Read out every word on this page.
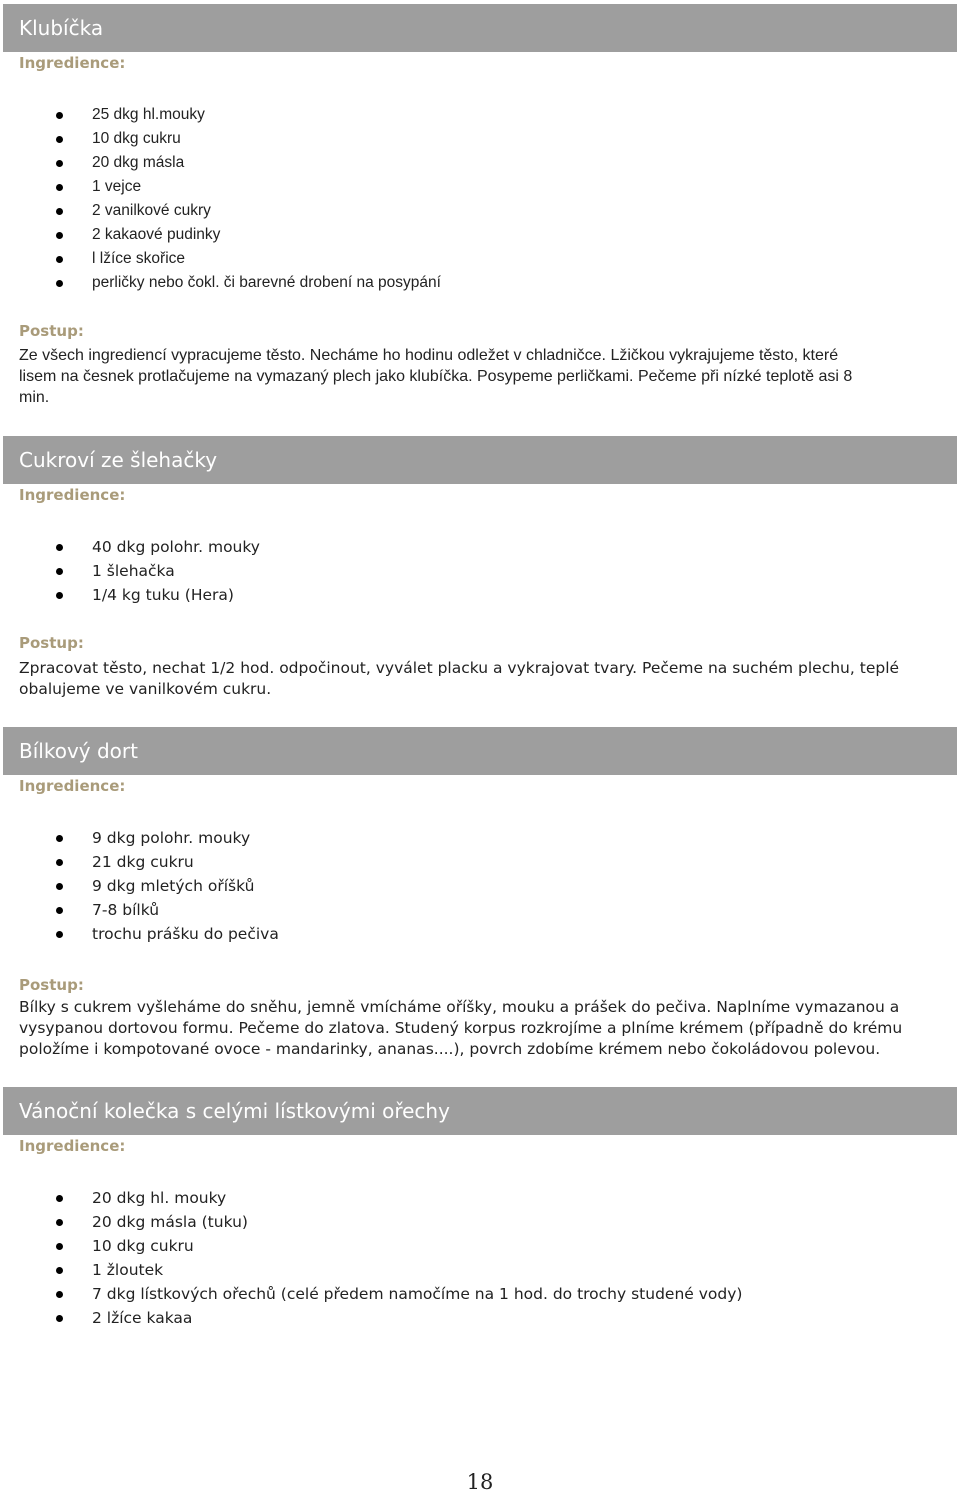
Klubíčka
Ingredience:
25 dkg hl.mouky
10 dkg cukru
20 dkg másla
1 vejce
2 vanilkové cukry
2 kakaové pudinky
l lžíce skořice
perličky nebo čokl. či barevné drobení na posypání
Postup:
Ze všech ingrediencí vypracujeme těsto. Necháme ho hodinu odležet v chladničce. Lžičkou vykrajujeme těsto, které
lisem na česnek protlačujeme na vymazaný plech jako klubíčka. Posypeme perličkami. Pečeme při nízké teplotě asi 8
min.
Cukroví ze šlehačky
Ingredience:
40 dkg polohr. mouky
1 šlehačka
1/4 kg tuku (Hera)
Postup:
Zpracovat těsto, nechat 1/2 hod. odpočinout, vyválet placku a vykrajovat tvary. Pečeme na suchém plechu, teplé
obalujeme ve vanilkovém cukru.
Bílkový dort
Ingredience:
9 dkg polohr. mouky
21 dkg cukru
9 dkg mletých oříšků
7-8 bílků
trochu prášku do pečiva
Postup:
Bílky s cukrem vyšleháme do sněhu, jemně vmícháme oříšky, mouku a prášek do pečiva. Naplníme vymazanou a
vysypanou dortovou formu. Pečeme do zlatova. Studený korpus rozkrojíme a plníme krémem (případně do krému
položíme i kompotované ovoce - mandarinky, ananas....), povrch zdobíme krémem nebo čokoládovou polevou.
Vánoční kolečka s celými lístkovými ořechy
Ingredience:
20 dkg hl. mouky
20 dkg másla (tuku)
10 dkg cukru
1 žloutek
7 dkg lístkových ořechů (celé předem namočíme na 1 hod. do trochy studené vody)
2 lžíce kakaa
18
